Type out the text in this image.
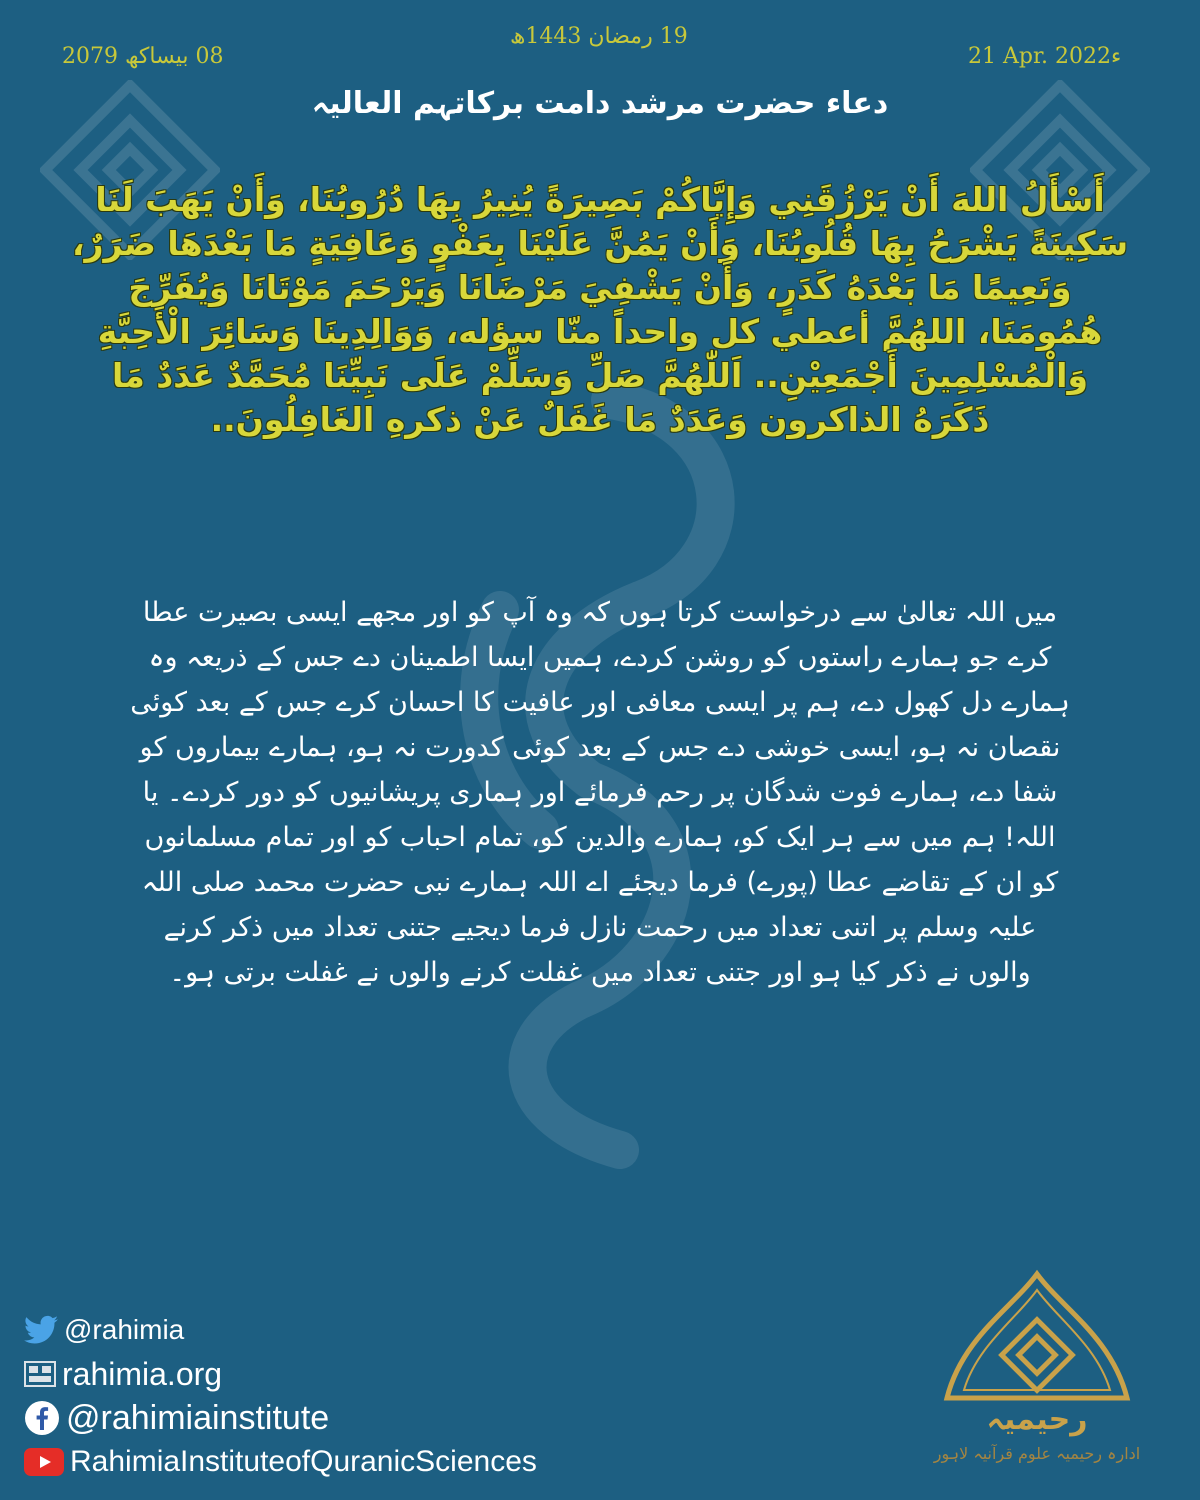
21 Apr. 2022ء
19 رمضان 1443ھ
08 بیساکھ 2079
دعاء حضرت مرشد دامت برکاتہم العالیہ
أَسْأَلُ اللهَ أَنْ يَرْزُقَنِي وَإِيَّاكُمْ بَصِيرَةً يُنِيرُ بِهَا دُرُوبُنَا، وَأَنْ يَهَبَ لَنَا سَكِينَةً يَشْرَحُ بِهَا قُلُوبُنَا، وَأَنْ يَمُنَّ عَلَيْنَا بِعَفْوٍ وَعَافِيَةٍ مَا بَعْدَهَا ضَرَرٌ، وَنَعِيمًا مَا بَعْدَهُ كَدَرٍ، وَأَنْ يَشْفِيَ مَرْضَانَا وَيَرْحَمَ مَوْتَانَا وَيُفَرِّجَ هُمُومَنَا، اللهُمَّ أعطي كل واحداً منّا سؤله، وَوَالِدِينَا وَسَائِرَ الْأَحِبَّةِ وَالْمُسْلِمِينَ أَجْمَعِيْنِ.. اَللّٰهُمَّ صَلِّ وَسَلِّمْ عَلَى نَبِيِّنَا مُحَمَّدٌ عَدَدٌ مَا ذَكَرَهُ الذاكرون وَعَدَدٌ مَا غَفَلٌ عَنْ ذكرهِ الغَافِلُونَ..
میں اللہ تعالیٰ سے درخواست کرتا ہوں کہ وہ آپ کو اور مجھے ایسی بصیرت عطا کرے جو ہمارے راستوں کو روشن کردے، ہمیں ایسا اطمینان دے جس کے ذریعہ وہ ہمارے دل کھول دے، ہم پر ایسی معافی اور عافیت کا احسان کرے جس کے بعد کوئی نقصان نہ ہو، ایسی خوشی دے جس کے بعد کوئی کدورت نہ ہو، ہمارے بیماروں کو شفا دے، ہمارے فوت شدگان پر رحم فرمائے اور ہماری پریشانیوں کو دور کردے۔ یا اللہ! ہم میں سے ہر ایک کو، ہمارے والدین کو، تمام احباب کو اور تمام مسلمانوں کو ان کے تقاضے عطا (پورے) فرما دیجئے اے اللہ ہمارے نبی حضرت محمد صلی اللہ علیہ وسلم پر اتنی تعداد میں رحمت نازل فرما دیجیے جتنی تعداد میں ذکر کرنے والوں نے ذکر کیا ہو اور جتنی تعداد میں غفلت کرنے والوں نے غفلت برتی ہو۔
@rahimia
rahimia.org
@rahimiainstitute
RahimiaInstituteofQuranicSciences
رحیمیہ
ادارہ رحیمیہ علوم قرآنیہ لاہور
